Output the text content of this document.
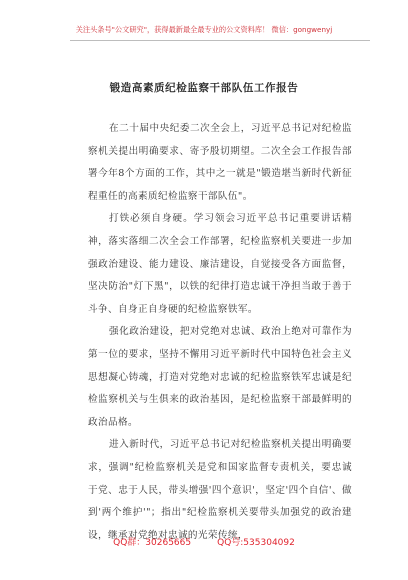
关注头条号"公文研究"，获得最新最全最专业的公文资料库！ 微信：gongwenyj
锻造高素质纪检监察干部队伍工作报告

在二十届中央纪委二次全会上，习近平总书记对纪检监察机关提出明确要求、寄予殷切期望。二次全会工作报告部署今年8个方面的工作，其中之一就是"锻造堪当新时代新征程重任的高素质纪检监察干部队伍"。

打铁必须自身硬。学习领会习近平总书记重要讲话精神，落实落细二次全会工作部署，纪检监察机关要进一步加强政治建设、能力建设、廉洁建设，自觉接受各方面监督，坚决防治"灯下黑"，以铁的纪律打造忠诚干净担当敢于善于斗争、自身正自身硬的纪检监察铁军。

强化政治建设，把对党绝对忠诚、政治上绝对可靠作为第一位的要求，坚持不懈用习近平新时代中国特色社会主义思想凝心铸魂，打造对党绝对忠诚的纪检监察铁军忠诚是纪检监察机关与生俱来的政治基因，是纪检监察干部最鲜明的政治品格。

进入新时代，习近平总书记对纪检监察机关提出明确要求，强调"纪检监察机关是党和国家监督专责机关，要忠诚于党、忠于人民，带头增强'四个意识'，坚定'四个自信'、做到'两个维护'"；指出"纪检监察机关要带头加强党的政治建设，继承对党绝对忠诚的光荣传统，

QQ群：30265665	QQ号:535304092
